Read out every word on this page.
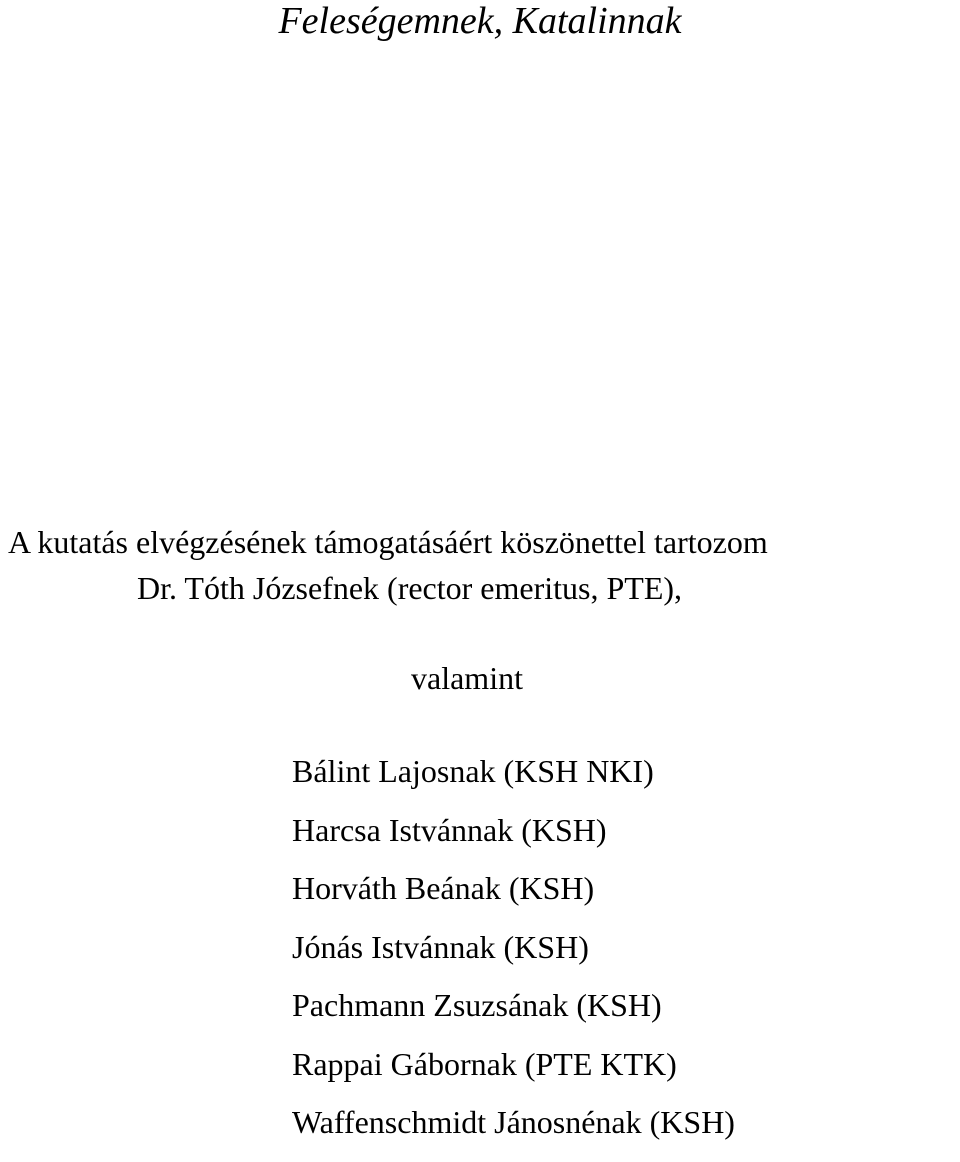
Feleségemnek, Katalinnak

A kutatás elvégzésének támogatásáért köszönettel tartozom

Dr. Tóth Józsefnek (rector emeritus, PTE),

valamint

Bálint Lajosnak (KSH NKI)
Harcsa Istvánnak (KSH)
Horváth Beának (KSH)
Jónás Istvánnak (KSH)
Pachmann Zsuzsának (KSH)
Rappai Gábornak (PTE KTK)
Waffenschmidt Jánosnénak (KSH)
